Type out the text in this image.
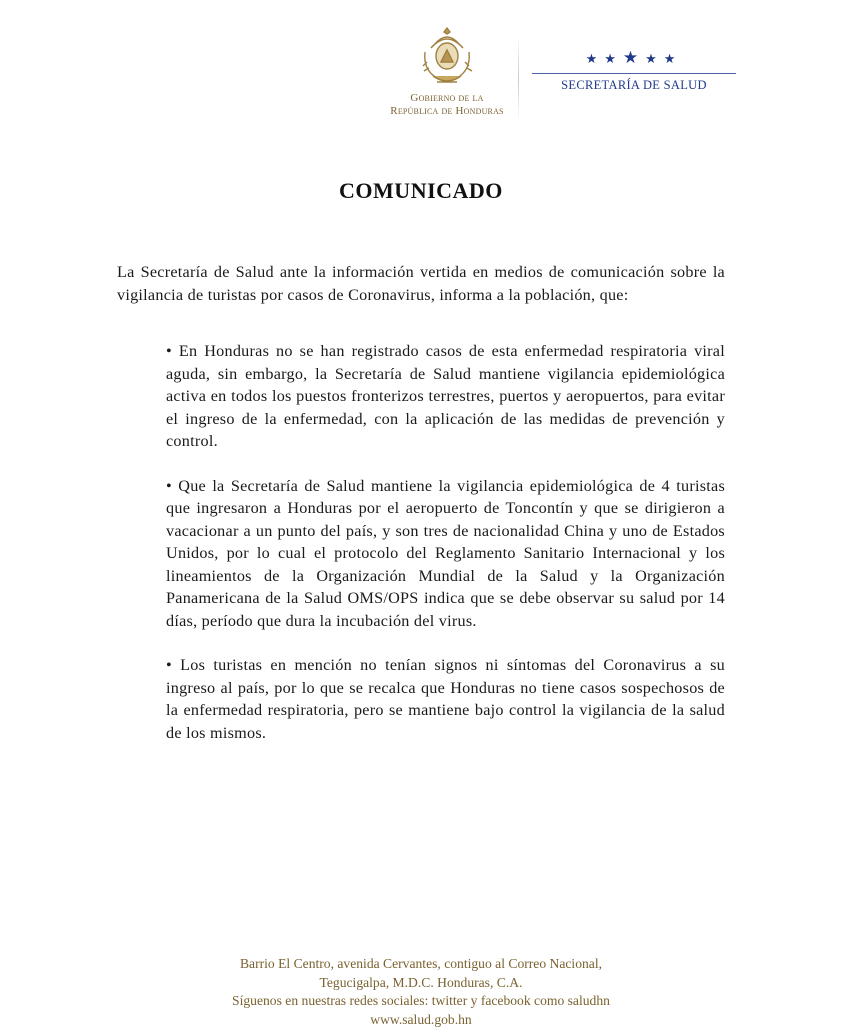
Gobierno de la
República de Honduras
★★★★★
SECRETARÍA DE SALUD
COMUNICADO

La Secretaría de Salud ante la información vertida en medios de comunicación sobre la vigilancia de turistas por casos de Coronavirus, informa a la población, que:

• En Honduras no se han registrado casos de esta enfermedad respiratoria viral aguda, sin embargo, la Secretaría de Salud mantiene vigilancia epidemiológica activa en todos los puestos fronterizos terrestres, puertos y aeropuertos, para evitar el ingreso de la enfermedad, con la aplicación de las medidas de prevención y control.

• Que la Secretaría de Salud mantiene la vigilancia epidemiológica de 4 turistas que ingresaron a Honduras por el aeropuerto de Toncontín y que se dirigieron a vacacionar a un punto del país, y son tres de nacionalidad China y uno de Estados Unidos, por lo cual el protocolo del Reglamento Sanitario Internacional y los lineamientos de la Organización Mundial de la Salud y la Organización Panamericana de la Salud OMS/OPS indica que se debe observar su salud por 14 días, período que dura la incubación del virus.

• Los turistas en mención no tenían signos ni síntomas del Coronavirus a su ingreso al país, por lo que se recalca que Honduras no tiene casos sospechosos de la enfermedad respiratoria, pero se mantiene bajo control la vigilancia de la salud de los mismos.

Barrio El Centro, avenida Cervantes, contiguo al Correo Nacional,
Tegucigalpa, M.D.C. Honduras, C.A.
Síguenos en nuestras redes sociales: twitter y facebook como saludhn
www.salud.gob.hn
